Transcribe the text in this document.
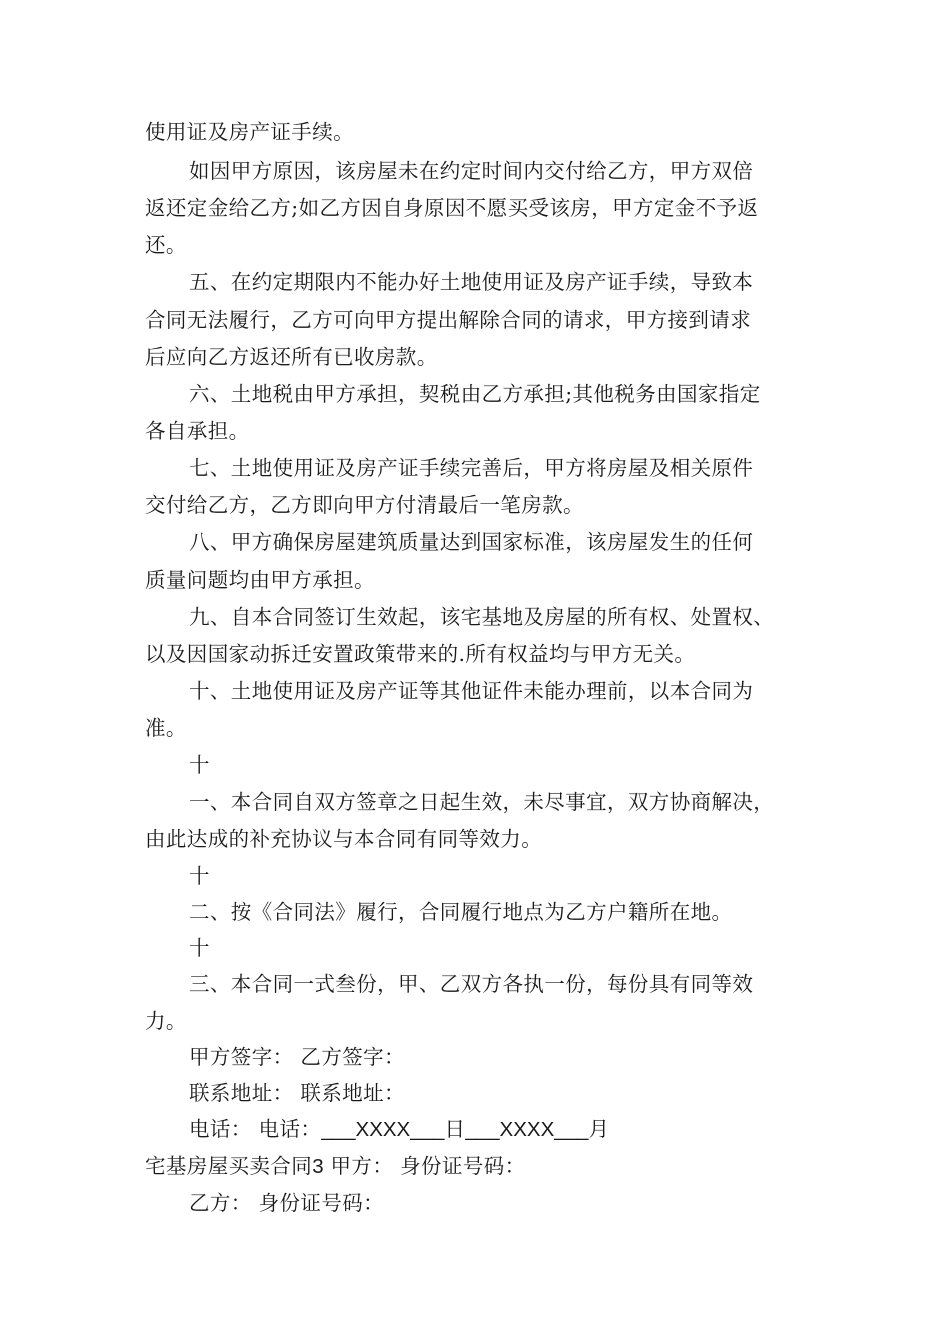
使用证及房产证手续。
如因甲方原因，该房屋未在约定时间内交付给乙方，甲方双倍
返还定金给乙方;如乙方因自身原因不愿买受该房，甲方定金不予返
还。
五、在约定期限内不能办好土地使用证及房产证手续，导致本
合同无法履行，乙方可向甲方提出解除合同的请求，甲方接到请求
后应向乙方返还所有已收房款。
六、土地税由甲方承担，契税由乙方承担;其他税务由国家指定
各自承担。
七、土地使用证及房产证手续完善后，甲方将房屋及相关原件
交付给乙方，乙方即向甲方付清最后一笔房款。
八、甲方确保房屋建筑质量达到国家标准，该房屋发生的任何
质量问题均由甲方承担。
九、自本合同签订生效起，该宅基地及房屋的所有权、处置权、
以及因国家动拆迁安置政策带来的.所有权益均与甲方无关。
十、土地使用证及房产证等其他证件未能办理前，以本合同为
准。
十
一、本合同自双方签章之日起生效，未尽事宜，双方协商解决，
由此达成的补充协议与本合同有同等效力。
十
二、按《合同法》履行，合同履行地点为乙方户籍所在地。
十
三、本合同一式叁份，甲、乙双方各执一份，每份具有同等效
力。
甲方签字： 乙方签字：
联系地址： 联系地址：
电话： 电话：___XXXX___日___XXXX___月
宅基房屋买卖合同3 甲方： 身份证号码：
乙方： 身份证号码：
